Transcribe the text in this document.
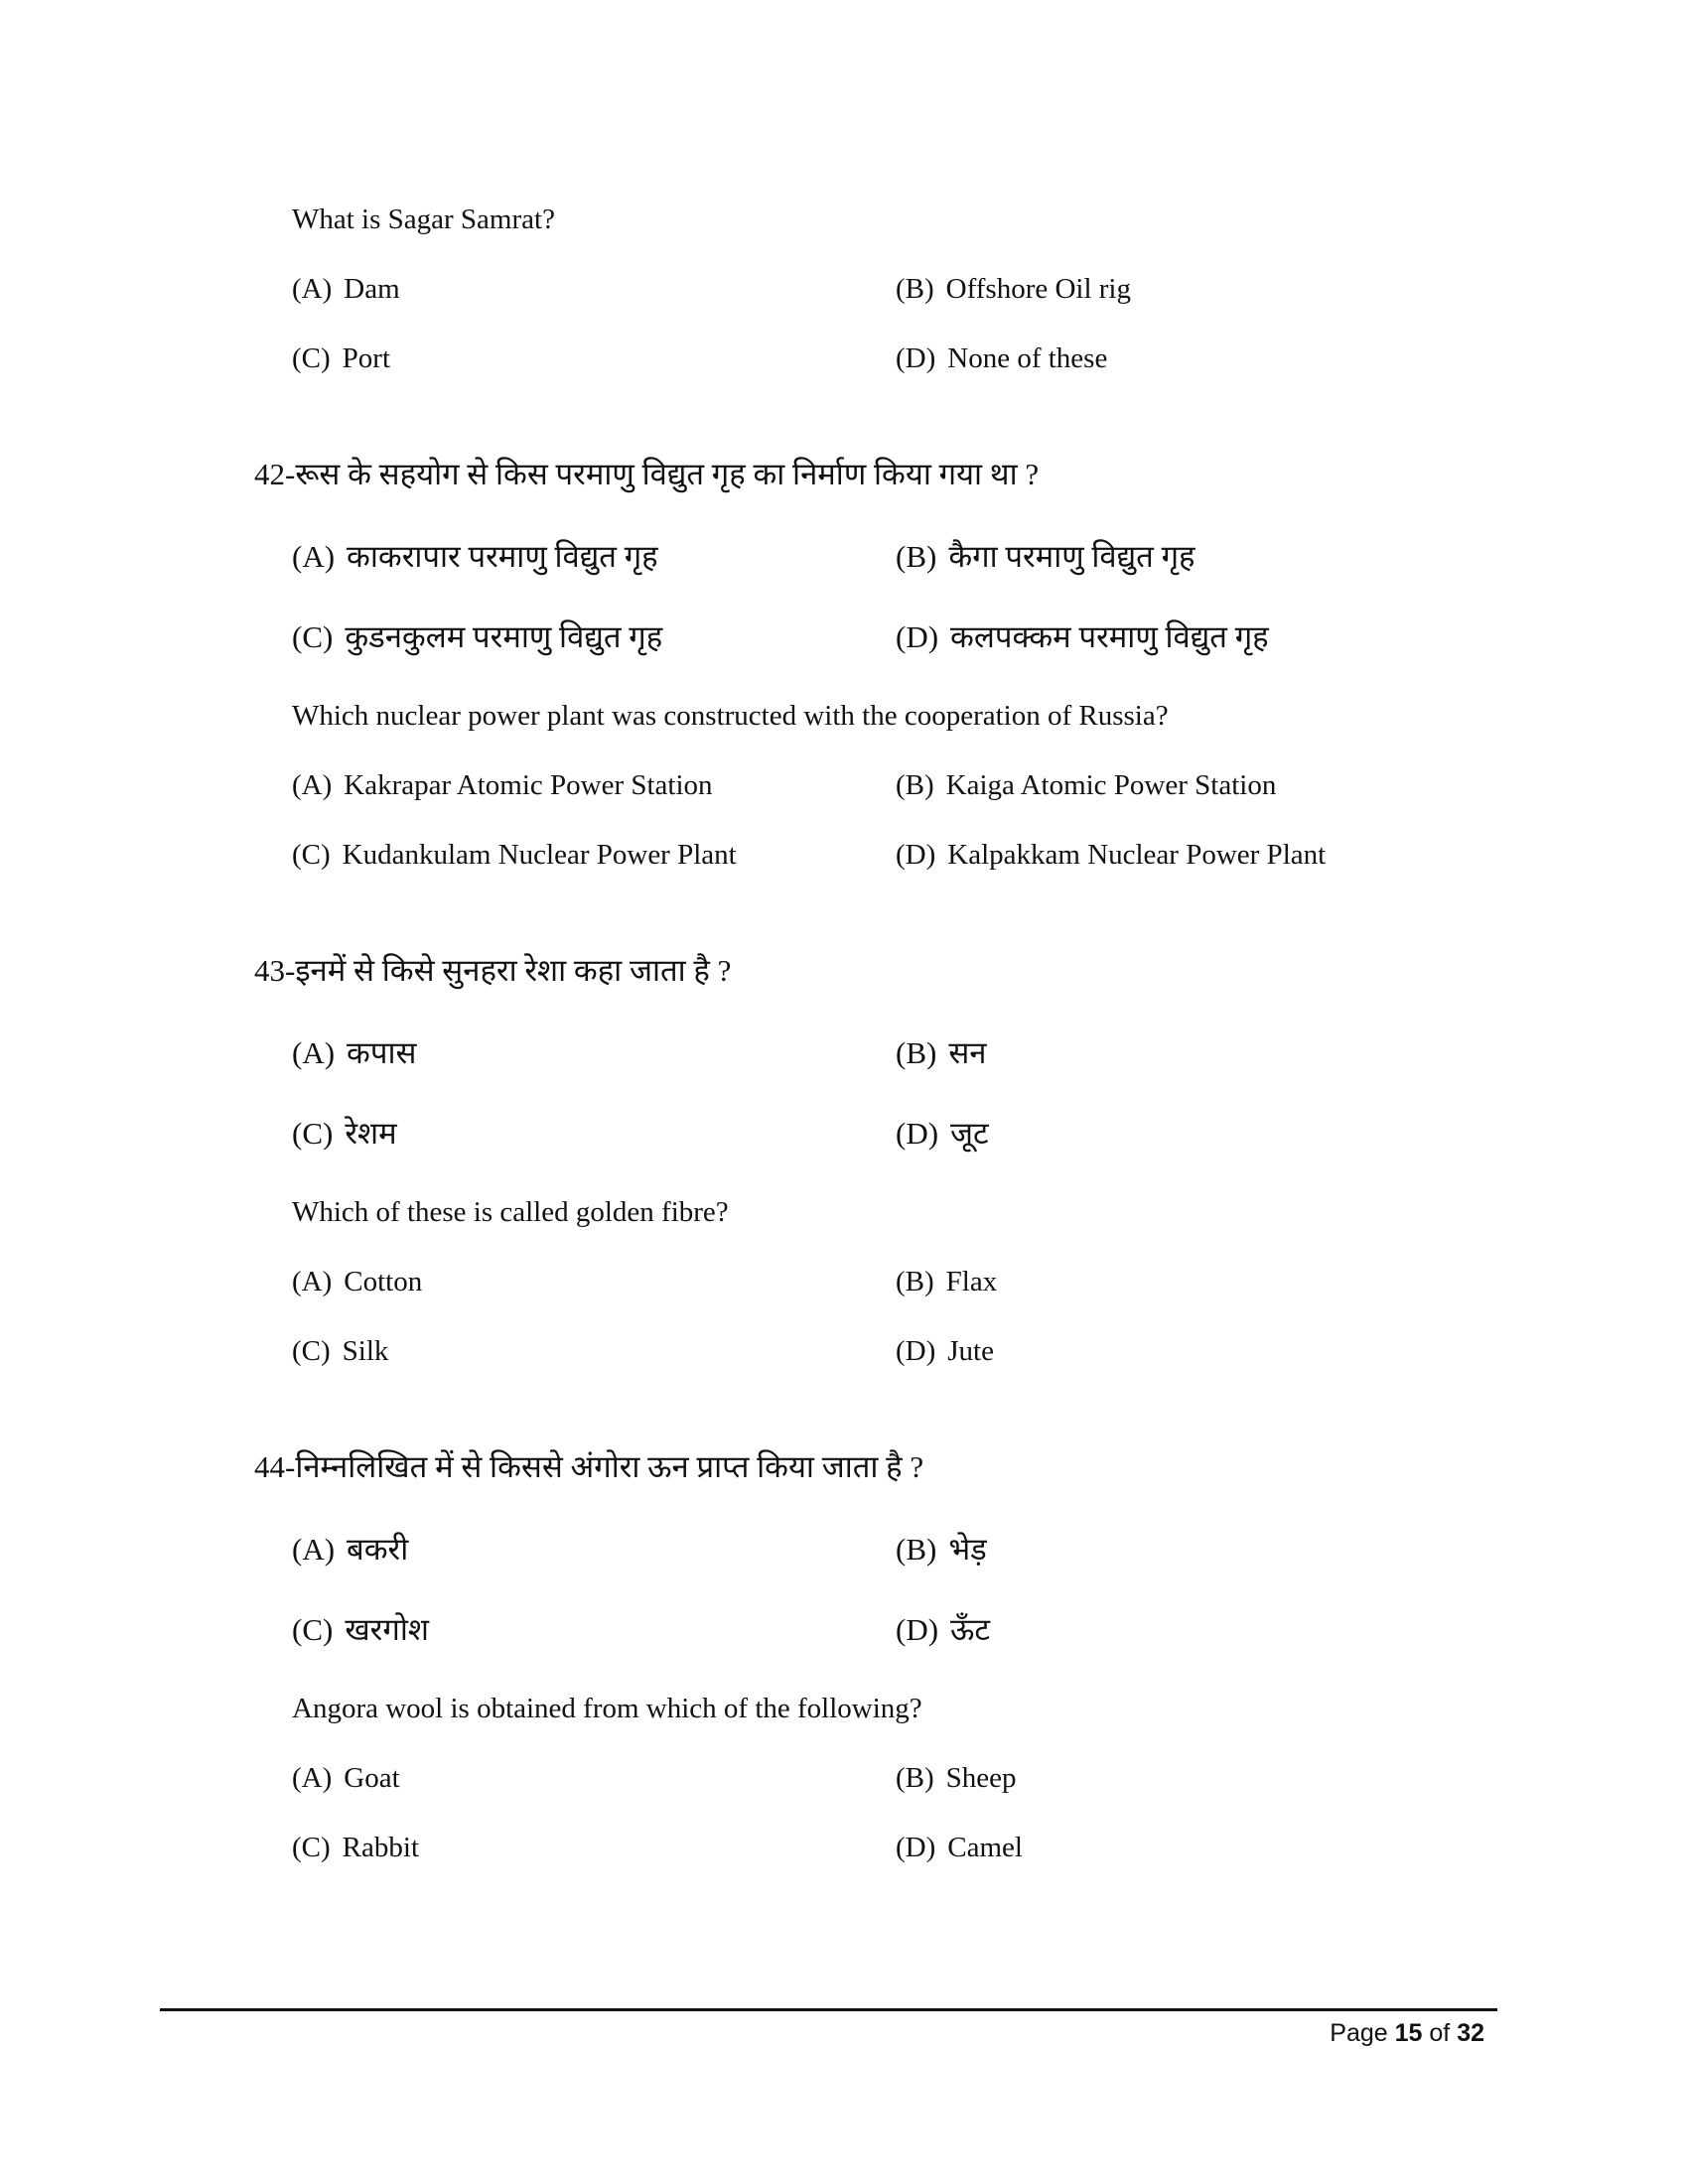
What is Sagar Samrat?
(A) Dam	(B) Offshore Oil rig
(C) Port	(D) None of these
42-रूस के सहयोग से किस परमाणु विद्युत गृह का निर्माण किया गया था ?
(A) काकरापार परमाणु विद्युत गृह	(B) कैगा परमाणु विद्युत गृह
(C) कुडनकुलम परमाणु विद्युत गृह	(D) कलपक्कम परमाणु विद्युत गृह
Which nuclear power plant was constructed with the cooperation of Russia?
(A) Kakrapar Atomic Power Station	(B) Kaiga Atomic Power Station
(C) Kudankulam Nuclear Power Plant	(D) Kalpakkam Nuclear Power Plant
43-इनमें से किसे सुनहरा रेशा कहा जाता है ?
(A) कपास	(B) सन
(C) रेशम	(D) जूट
Which of these is called golden fibre?
(A) Cotton	(B) Flax
(C) Silk	(D) Jute
44-निम्नलिखित में से किससे अंगोरा ऊन प्राप्त किया जाता है ?
(A) बकरी	(B) भेड़
(C) खरगोश	(D) ऊँट
Angora wool is obtained from which of the following?
(A) Goat	(B) Sheep
(C) Rabbit	(D) Camel
Page 15 of 32
